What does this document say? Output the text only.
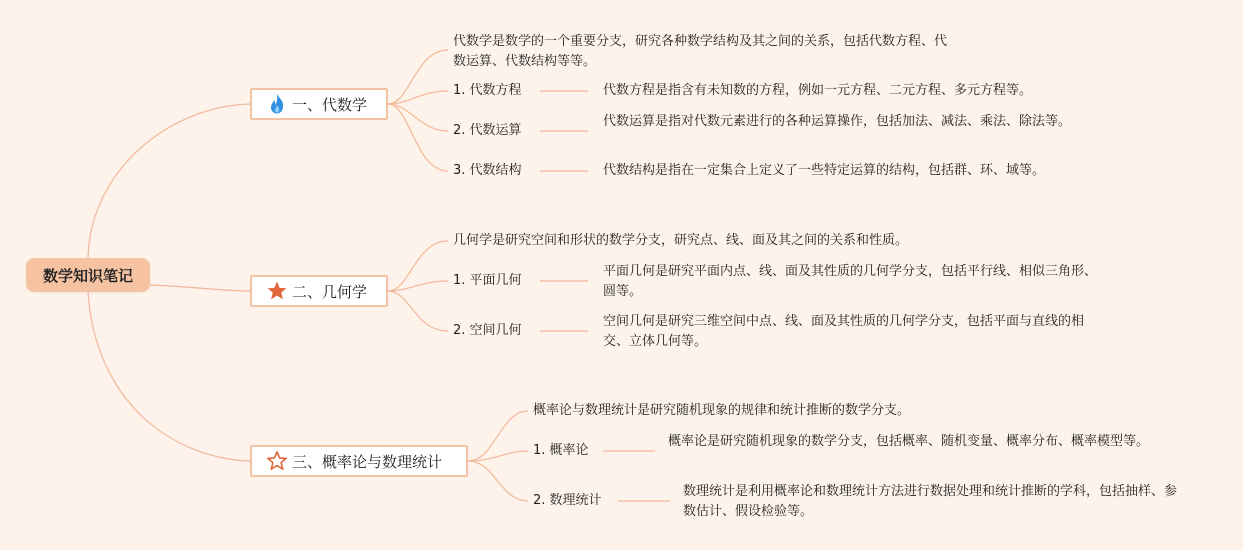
数学知识笔记
一、代数学
代数学是数学的一个重要分支，研究各种数学结构及其之间的关系，包括代数方程、代数运算、代数结构等等。
1. 代数方程	代数方程是指含有未知数的方程，例如一元方程、二元方程、多元方程等。
2. 代数运算
代数运算是指对代数元素进行的各种运算操作，包括加法、减法、乘法、除法等。
3. 代数结构	代数结构是指在一定集合上定义了一些特定运算的结构，包括群、环、域等。
二、几何学
几何学是研究空间和形状的数学分支，研究点、线、面及其之间的关系和性质。
1. 平面几何
平面几何是研究平面内点、线、面及其性质的几何学分支，包括平行线、相似三角形、圆等。
2. 空间几何
空间几何是研究三维空间中点、线、面及其性质的几何学分支，包括平面与直线的相交、立体几何等。
三、概率论与数理统计
概率论与数理统计是研究随机现象的规律和统计推断的数学分支。
1. 概率论
概率论是研究随机现象的数学分支，包括概率、随机变量、概率分布、概率模型等。
2. 数理统计
数理统计是利用概率论和数理统计方法进行数据处理和统计推断的学科，包括抽样、参数估计、假设检验等。
